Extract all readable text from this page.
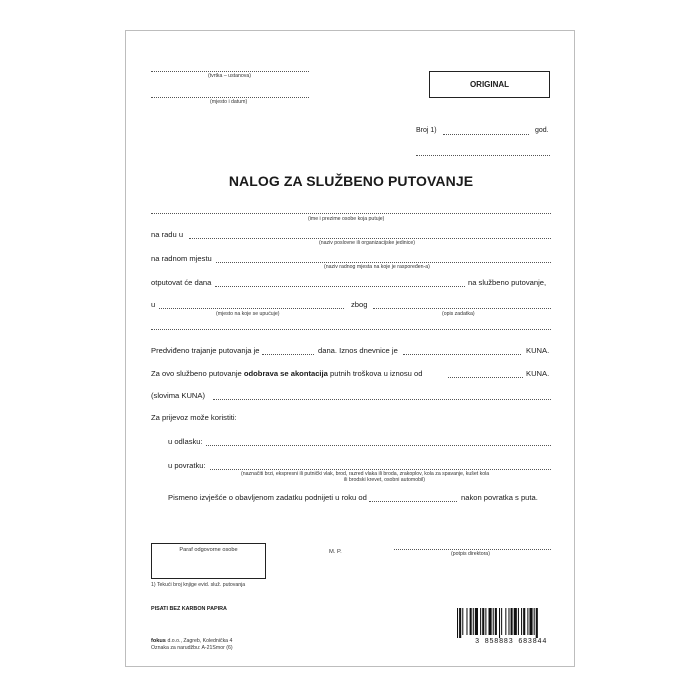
(tvrtka – ustanova)
(mjesto i datum)
ORIGINAL
Broj 1)	god.
NALOG ZA SLUŽBENO PUTOVANJE
(ime i prezime osobe koja putuje)
na radu u
(naziv poslovne ili organizacijske jedinice)
na radnom mjestu
(naziv radnog mjesta na koje je raspoređen-a)
otputovat će dana	na službeno putovanje,
u
(mjesto na koje se upućuje)
zbog
(opis zadatka)
Predviđeno trajanje putovanja je	dana. Iznos dnevnice je	KUNA.
Za ovo službeno putovanje odobrava se akontacija putnih troškova u iznosu od	KUNA.
(slovima KUNA)
Za prijevoz može koristiti:
u odlasku:
u povratku:
(naznačiti brzi, ekspresni ili putnički vlak, brod, razred vlaka ili broda, zrakoplov, kola za spavanje, kušet kola
ili brodski krevet, osobni automobil)
Pismeno izvješće o obavljenom zadatku podnijeti u roku od	nakon povratka s puta.
Paraf odgovorne osobe	M. P.	(potpis direktora)
1) Tekući broj knjige evid. služ. putovanja
PISATI BEZ KARBON PAPIRA
fokus d.o.o., Zagreb, Kolednička 4
Oznaka za narudžbu: A-21Smor (6)
3 858883 683844
